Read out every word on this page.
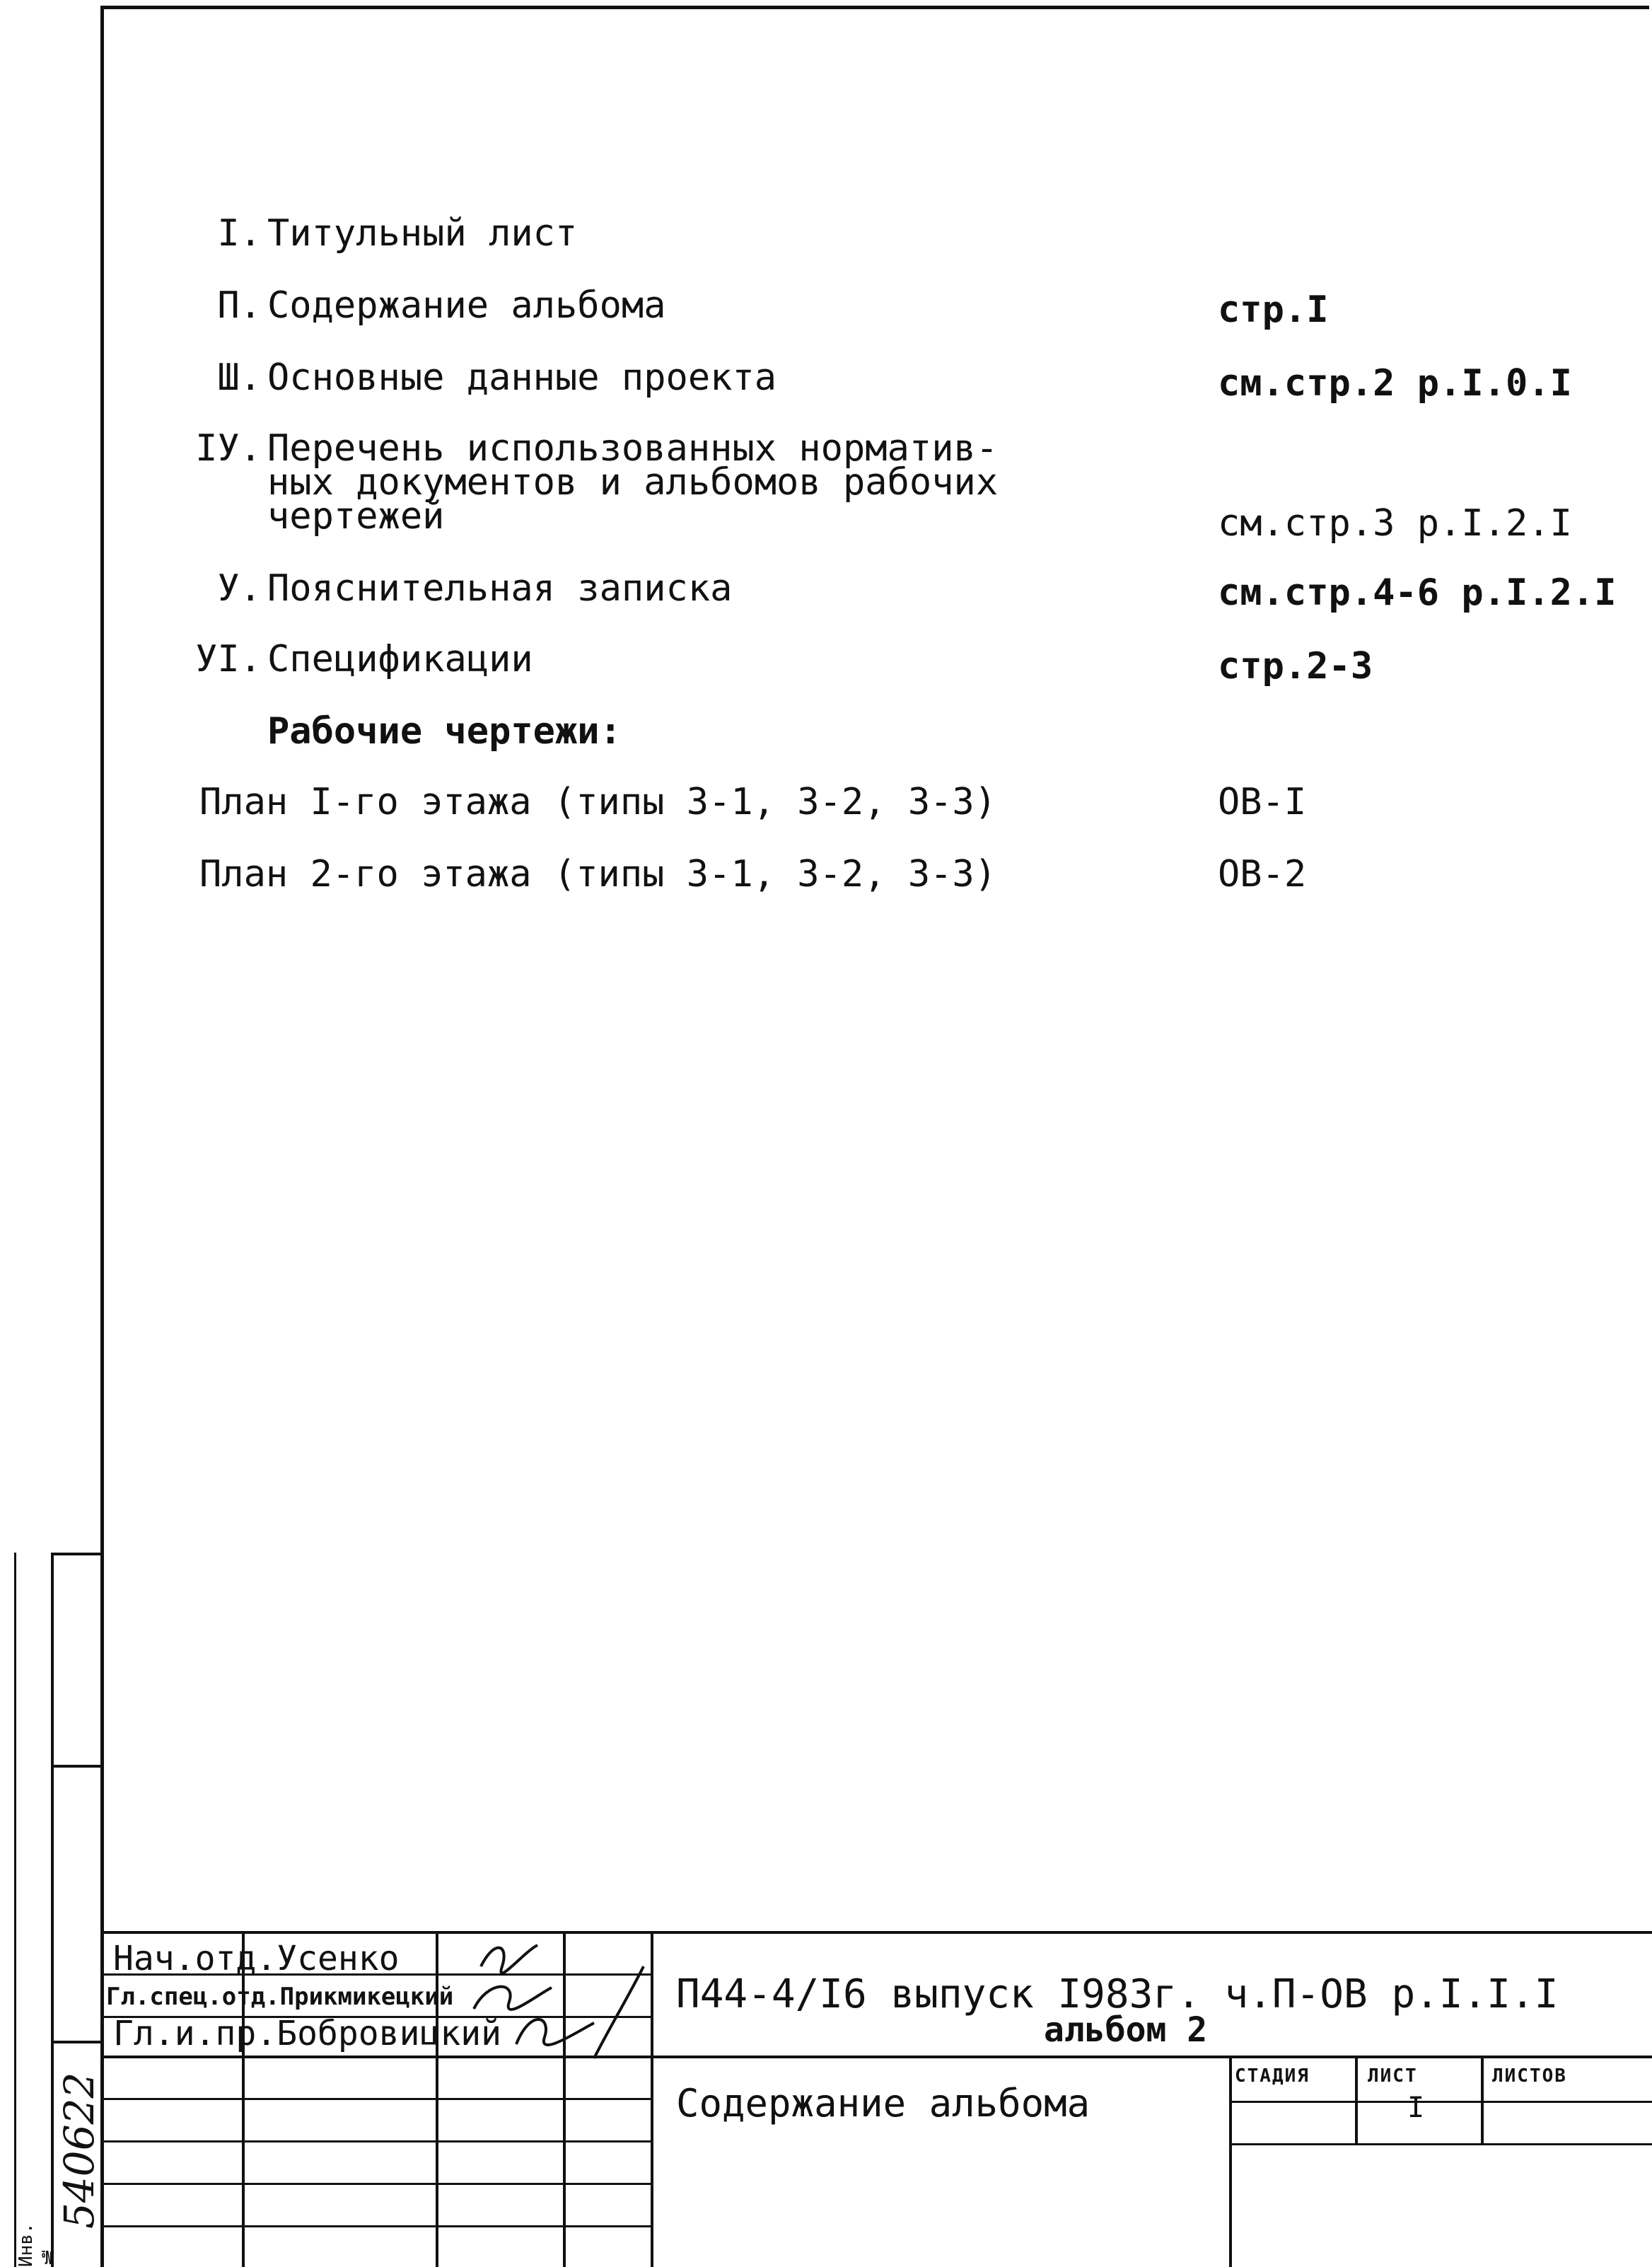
I. Титульный лист
П. Содержание альбома	стр.I
Ш. Основные данные проекта	см.стр.2 р.I.0.I
IУ. Перечень использованных норматив-
ных документов и альбомов рабочих
чертежей	см.стр.3 р.I.2.I
У. Пояснительная записка	см.стр.4-6 р.I.2.I
УI. Спецификации	стр.2-3
Рабочие чертежи:
План I-го этажа (типы 3-1, 3-2, 3-3)	ОВ-I
План 2-го этажа (типы 3-1, 3-2, 3-3)	ОВ-2
Нач.отд.Усенко
Гл.спец.отд.Прикмикецкий
Гл.и.пр.Бобровицкий
П44-4/I6 выпуск I983г. ч.П-ОВ р.I.I.I
альбом 2
Содержание альбома
СТАДИЯ	ЛИСТ	ЛИСТОВ
I
Инв. №
540622
